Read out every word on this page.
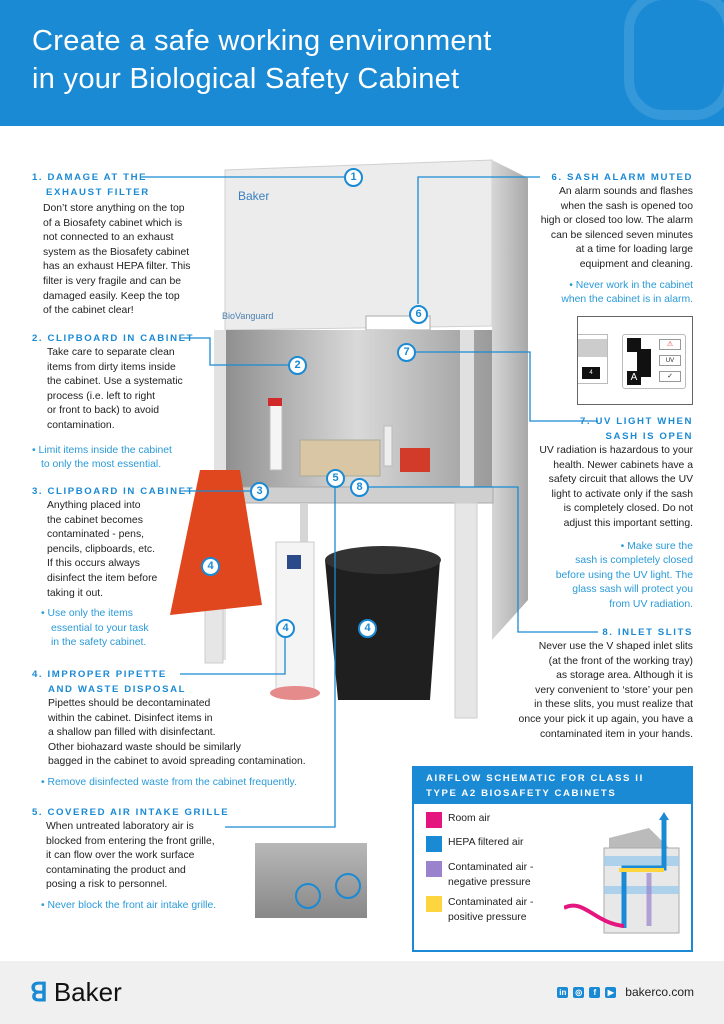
Create a safe working environment
in your Biological Safety Cabinet
Baker
BioVanguard
1
2
3
4
4	4
5
6
7
8
1. DAMAGE AT THE
EXHAUST FILTER
Don’t store anything on the top
of a Biosafety cabinet which is
not connected to an exhaust
system as the Biosafety cabinet
has an exhaust HEPA filter. This
filter is very fragile and can be
damaged easily. Keep the top
of the cabinet clear!
2. CLIPBOARD IN CABINET
Take care to separate clean
items from dirty items inside
the cabinet. Use a systematic
process (i.e. left to right
or front to back) to avoid
contamination.
• Limit items inside the cabinet
to only the most essential.
3. CLIPBOARD IN CABINET
Anything placed into
the cabinet becomes
contaminated - pens,
pencils, clipboards, etc.
If this occurs always
disinfect the item before
taking it out.
• Use only the items
essential to your task
in the safety cabinet.
4. IMPROPER PIPETTE
AND WASTE DISPOSAL
Pipettes should be decontaminated
within the cabinet. Disinfect items in
a shallow pan filled with disinfectant.
Other biohazard waste should be similarly
bagged in the cabinet to avoid spreading contamination.
• Remove disinfected waste from the cabinet frequently.
5. COVERED AIR INTAKE GRILLE
When untreated laboratory air is
blocked from entering the front grille,
it can flow over the work surface
contaminating the product and
posing a risk to personnel.
• Never block the front air intake grille.
6. SASH ALARM MUTED
An alarm sounds and flashes
when the sash is opened too
high or closed too low. The alarm
can be silenced seven minutes
at a time for loading large
equipment and cleaning.
• Never work in the cabinet
when the cabinet is in alarm.
4	A
⚠
UV
✓
7. UV LIGHT WHEN
SASH IS OPEN
UV radiation is hazardous to your
health. Newer cabinets have a
safety circuit that allows the UV
light to activate only if the sash
is completely closed. Do not
adjust this important setting.
• Make sure the
sash is completely closed
before using the UV light. The
glass sash will protect you
from UV radiation.
8. INLET SLITS
Never use the V shaped inlet slits
(at the front of the working tray)
as storage area. Although it is
very convenient to ‘store’ your pen
in these slits, you must realize that
once your pick it up again, you have a
contaminated item in your hands.
AIRFLOW SCHEMATIC FOR CLASS II
TYPE A2 BIOSAFETY CABINETS
Room air
HEPA filtered air
Contaminated air -
negative pressure
Contaminated air -
positive pressure
ꓭ Baker	in ◎	f	▶ bakerco.com
